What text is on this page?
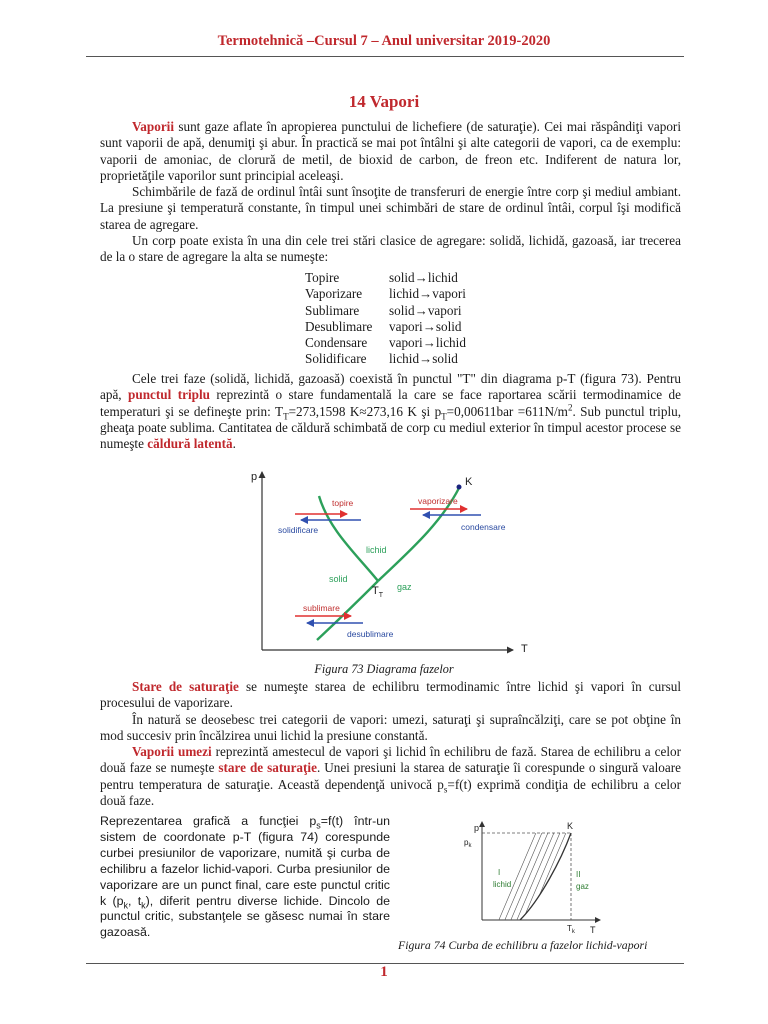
Termotehnică –Cursul 7 – Anul universitar 2019-2020
14 Vapori

Vaporii sunt gaze aflate în apropierea punctului de lichefiere (de saturaţie). Cei mai răspândiţi vapori sunt vaporii de apă, denumiţi şi abur. În practică se mai pot întâlni şi alte categorii de vapori, ca de exemplu: vaporii de amoniac, de clorură de metil, de bioxid de carbon, de freon etc. Indiferent de natura lor, proprietăţile vaporilor sunt principial aceleaşi.

Schimbările de fază de ordinul întâi sunt însoţite de transferuri de energie între corp şi mediul ambiant. La presiune şi temperatură constante, în timpul unei schimbări de stare de ordinul întâi, corpul îşi modifică starea de agregare.

Un corp poate exista în una din cele trei stări clasice de agregare: solidă, lichidă, gazoasă, iar trecerea de la o stare de agregare la alta se numeşte:

Topire	solid→lichid
Vaporizare	lichid→vapori
Sublimare	solid→vapori
Desublimare	vapori→solid
Condensare	vapori→lichid
Solidificare	lichid→solid

Cele trei faze (solidă, lichidă, gazoasă) coexistă în punctul "T" din diagrama p-T (figura 73). Pentru apă, punctul triplu reprezintă o stare fundamentală la care se face raportarea scării termodinamice de temperaturi şi se defineşte prin: $T_T=273,1598$ K≈273,16 K şi $p_T=0,00611bar =611N/m^2$. Sub punctul triplu, gheaţa poate sublima. Cantitatea de căldură schimbată de corp cu mediul exterior în timpul acestor procese se numeşte căldură latentă.

p
T
K
$T_T$
topire
solidificare
vaporizare
condensare
lichid
solid
gaz
sublimare
desublimare
Figura 73 Diagrama fazelor

Stare de saturaţie se numeşte starea de echilibru termodinamic între lichid şi vapori în cursul procesului de vaporizare.

În natură se deosebesc trei categorii de vapori: umezi, saturaţi şi supraîncălziţi, care se pot obţine în mod succesiv prin încălzirea unui lichid la presiune constantă.

Vaporii umezi reprezintă amestecul de vapori şi lichid în echilibru de fază. Starea de echilibru a celor două faze se numeşte stare de saturaţie. Unei presiuni la starea de saturaţie îi corespunde o singură valoare pentru temperatura de saturaţie. Această dependenţă univocă $p_s=f(t)$ exprimă condiţia de echilibru a celor două faze.

Reprezentarea grafică a funcţiei $p_s=f(t)$ într-un sistem de coordonate p-T (figura 74) corespunde curbei presiunilor de vaporizare, numită şi curba de echilibru a fazelor lichid-vapori. Curba presiunilor de vaporizare are un punct final, care este punctul critic k ($p_k$, $t_k$), diferit pentru diverse lichide. Dincolo de punctul critic, substanţele se găsesc numai în stare gazoasă.
p
T
$p_k$
$T_k$
K
I
lichid
II
gaz
Figura 74 Curba de echilibru a fazelor lichid-vapori
1
